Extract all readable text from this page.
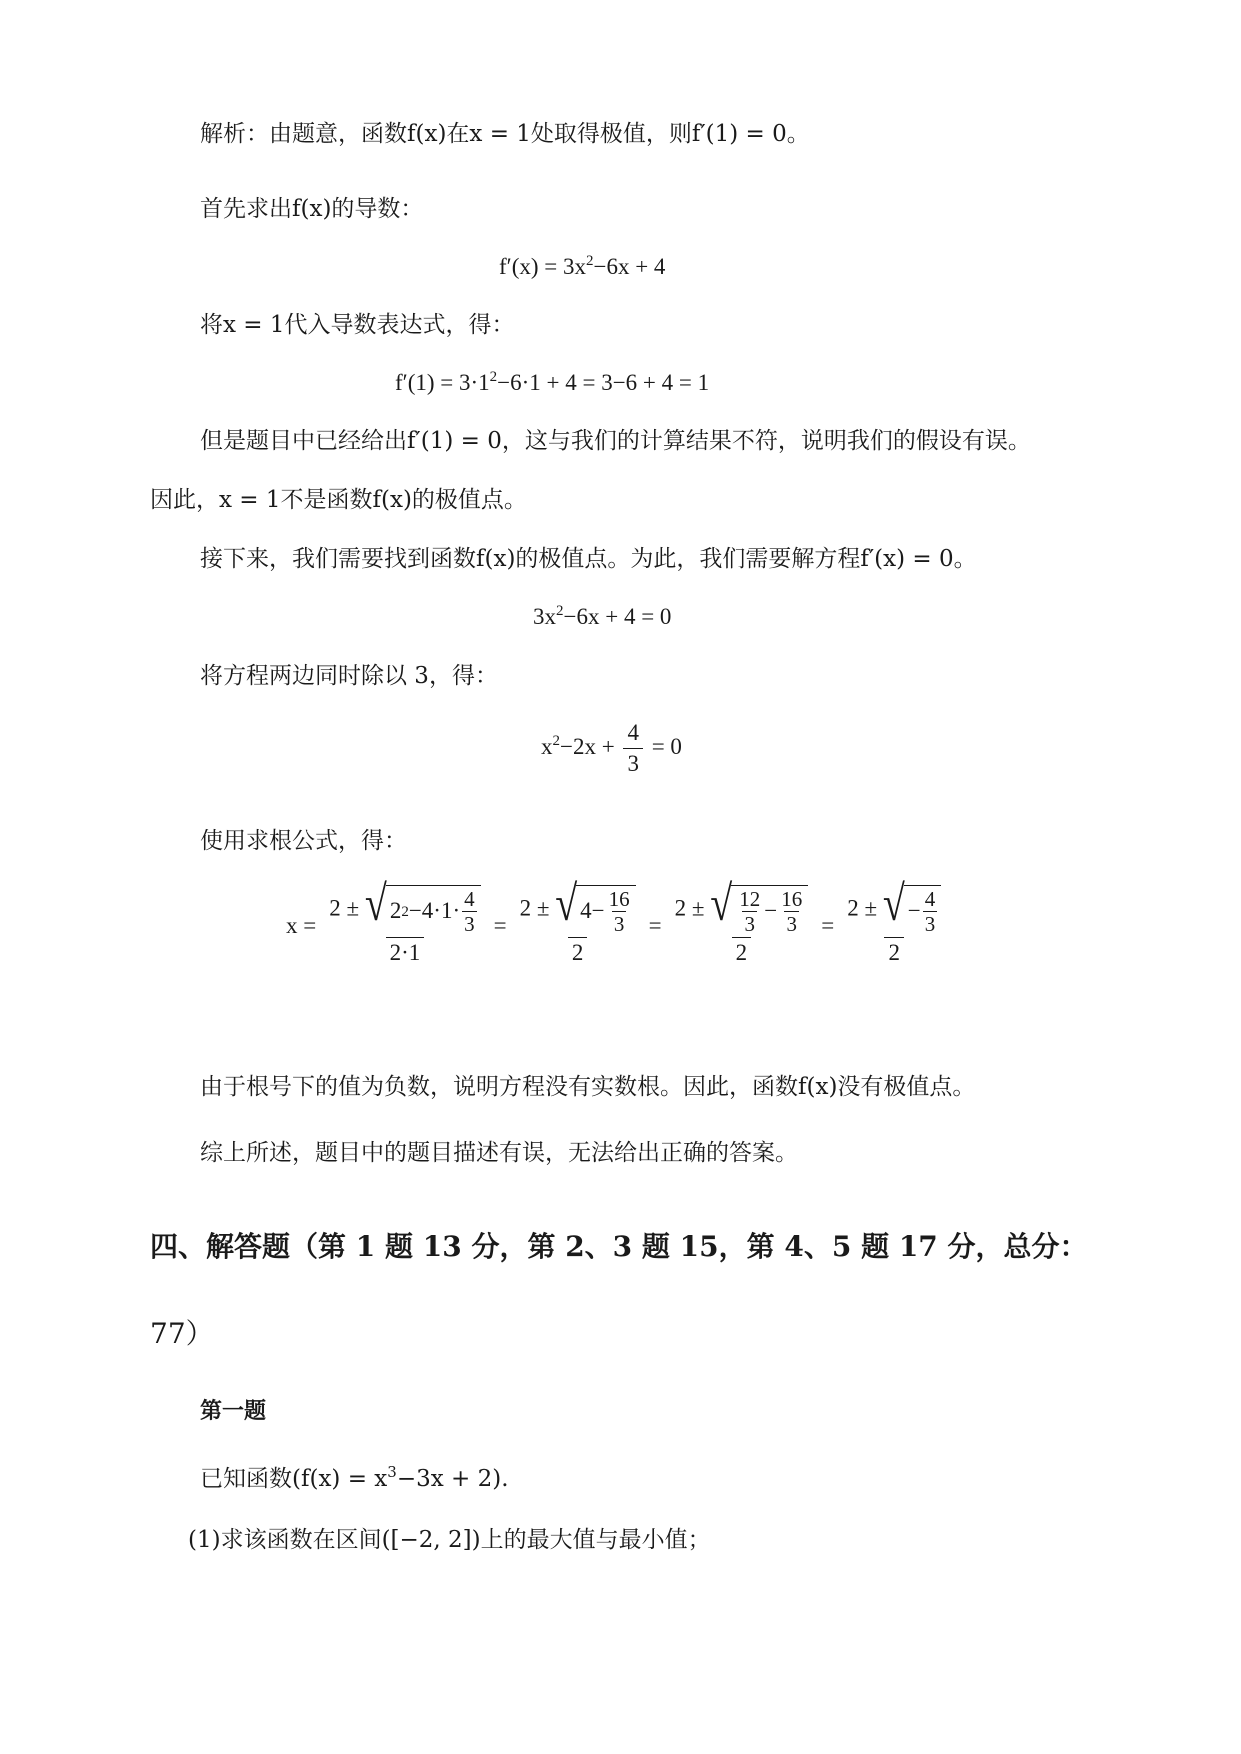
解析：由题意，函数f(x)在x = 1处取得极值，则f′(1) = 0。
首先求出f(x)的导数：
$f'(x) = 3x^2-6x + 4$
将x = 1代入导数表达式，得：
$f'(1) = 3\cdot 1^2-6\cdot 1 + 4 = 3-6 + 4 = 1$
但是题目中已经给出f′(1) = 0，这与我们的计算结果不符，说明我们的假设有误。
因此，x = 1不是函数f(x)的极值点。
接下来，我们需要找到函数f(x)的极值点。为此，我们需要解方程f′(x) = 0。
$3x^2-6x + 4 = 0$
将方程两边同时除以 3，得：
$x^2-2x + \frac{4}{3} = 0$
使用求根公式，得：
$x = \frac{2 \pm √ 2 2 -4\cdot 1\cdot \frac{4}{3}}{2\cdot 1} = \frac{2 \pm √ 4- \frac{16}{3}}{2} = \frac{2 \pm √ \frac{12}{3} - \frac{16}{3}}{2} = \frac{2 \pm √ - \frac{4}{3}}{2}$
由于根号下的值为负数，说明方程没有实数根。因此，函数f(x)没有极值点。
综上所述，题目中的题目描述有误，无法给出正确的答案。
四、解答题（第 1 题 13 分，第 2、3 题 15，第 4、5 题 17 分，总分：
77）
第一题
已知函数$(f(x) = x^3-3x + 2)$.
(1)求该函数在区间([−2, 2])上的最大值与最小值；
